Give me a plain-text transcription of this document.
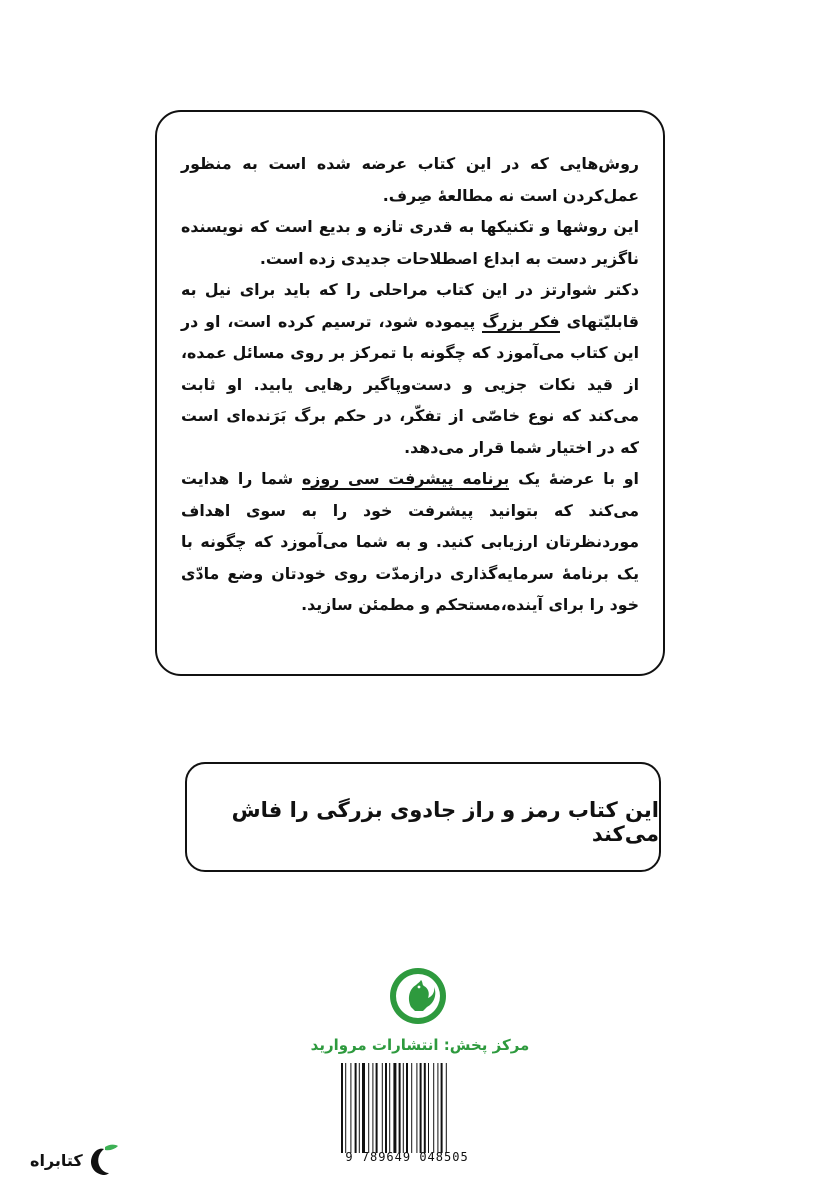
روش‌هایی که در این کتاب عرضه شده است به منظور عمل‌کردن است نه مطالعهٔ صِرف.

این روشها و تکنیکها به قدری تازه و بدیع است که نویسنده ناگزیر دست به ابداع اصطلاحات جدیدی زده است.

دکتر شوارتز در این کتاب مراحلی را که باید برای نیل به قابلیّتهای فکر بزرگ پیموده شود، ترسیم کرده است، او در این کتاب می‌آموزد که چگونه با تمرکز بر روی مسائل عمده، از قید نکات جزیی و دست‌وپاگیر رهایی یابید. او ثابت می‌کند که نوع خاصّی از تفکّر، در حکم برگ بَرَنده‌ای است که در اختیار شما قرار می‌دهد.

او با عرضهٔ یک برنامه پیشرفت سی روزه شما را هدایت می‌کند که بتوانید پیشرفت خود را به سوی اهداف موردنظرتان ارزیابی کنید. و به شما می‌آموزد که چگونه با یک برنامهٔ سرمایه‌گذاری درازمدّت روی خودتان وضع مادّی خود را برای آینده،مستحکم و مطمئن سازید.

این کتاب رمز و راز جادوی بزرگی را فاش می‌کند
مرکز پخش: انتشارات مروارید
9 789649 048505
کتابراه
